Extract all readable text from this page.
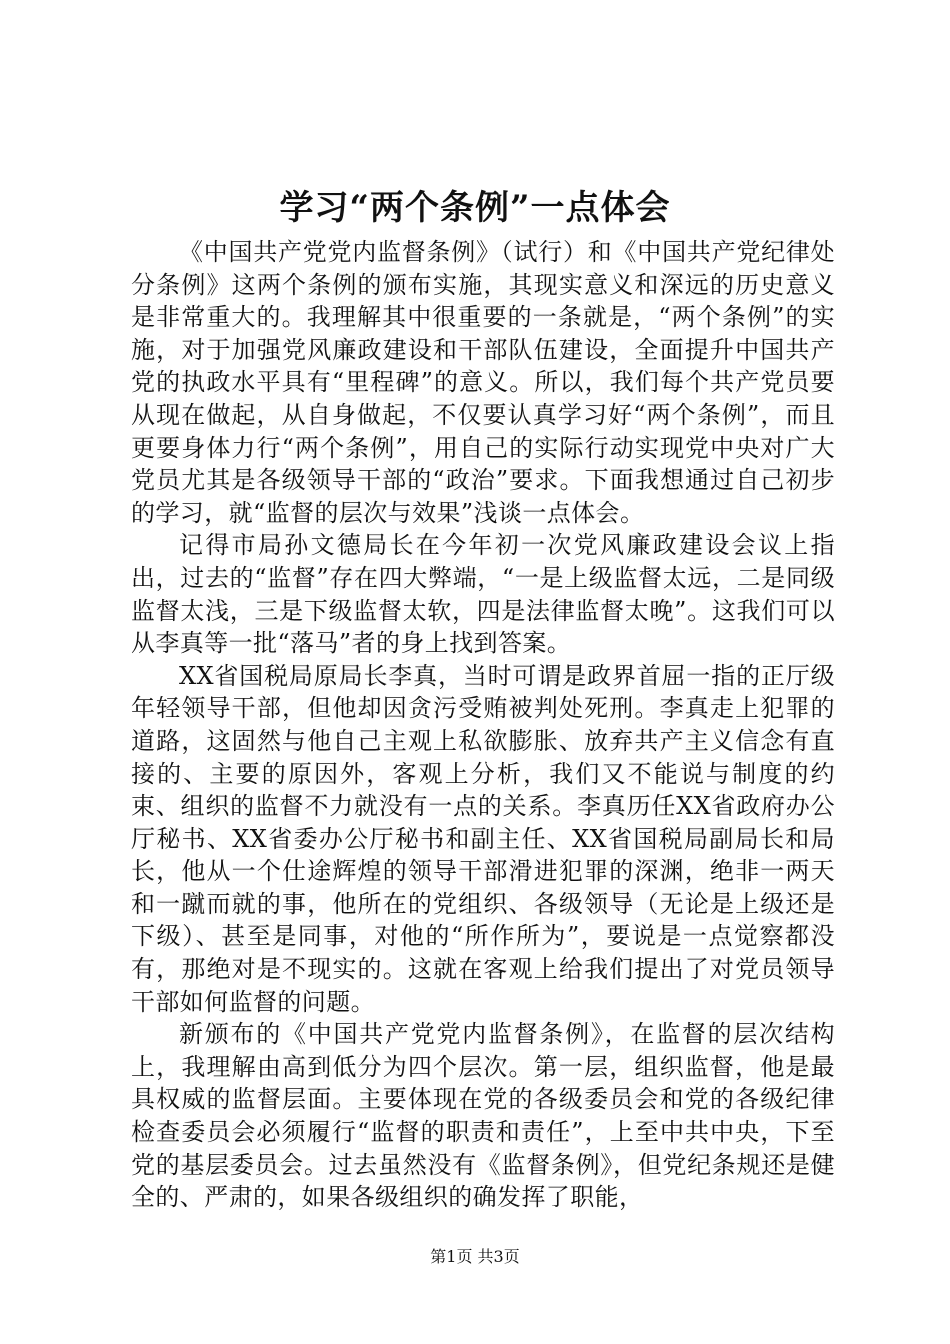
学习“两个条例”一点体会

《中国共产党党内监督条例》（试行）和《中国共产党纪律处分条例》这两个条例的颁布实施，其现实意义和深远的历史意义是非常重大的。我理解其中很重要的一条就是，“两个条例”的实施，对于加强党风廉政建设和干部队伍建设，全面提升中国共产党的执政水平具有“里程碑”的意义。所以，我们每个共产党员要从现在做起，从自身做起，不仅要认真学习好“两个条例”，而且更要身体力行“两个条例”，用自己的实际行动实现党中央对广大党员尤其是各级领导干部的“政治”要求。下面我想通过自己初步的学习，就“监督的层次与效果”浅谈一点体会。

记得市局孙文德局长在今年初一次党风廉政建设会议上指出，过去的“监督”存在四大弊端，“一是上级监督太远，二是同级监督太浅，三是下级监督太软，四是法律监督太晚”。这我们可以从李真等一批“落马”者的身上找到答案。

XX省国税局原局长李真，当时可谓是政界首屈一指的正厅级年轻领导干部，但他却因贪污受贿被判处死刑。李真走上犯罪的道路，这固然与他自己主观上私欲膨胀、放弃共产主义信念有直接的、主要的原因外，客观上分析，我们又不能说与制度的约束、组织的监督不力就没有一点的关系。李真历任XX省政府办公厅秘书、XX省委办公厅秘书和副主任、XX省国税局副局长和局长，他从一个仕途辉煌的领导干部滑进犯罪的深渊，绝非一两天和一蹴而就的事，他所在的党组织、各级领导（无论是上级还是下级）、甚至是同事，对他的“所作所为”，要说是一点觉察都没有，那绝对是不现实的。这就在客观上给我们提出了对党员领导干部如何监督的问题。

新颁布的《中国共产党党内监督条例》，在监督的层次结构上，我理解由高到低分为四个层次。第一层，组织监督，他是最具权威的监督层面。主要体现在党的各级委员会和党的各级纪律检查委员会必须履行“监督的职责和责任”，上至中共中央，下至党的基层委员会。过去虽然没有《监督条例》，但党纪条规还是健全的、严肃的，如果各级组织的确发挥了职能，

第1页 共3页
